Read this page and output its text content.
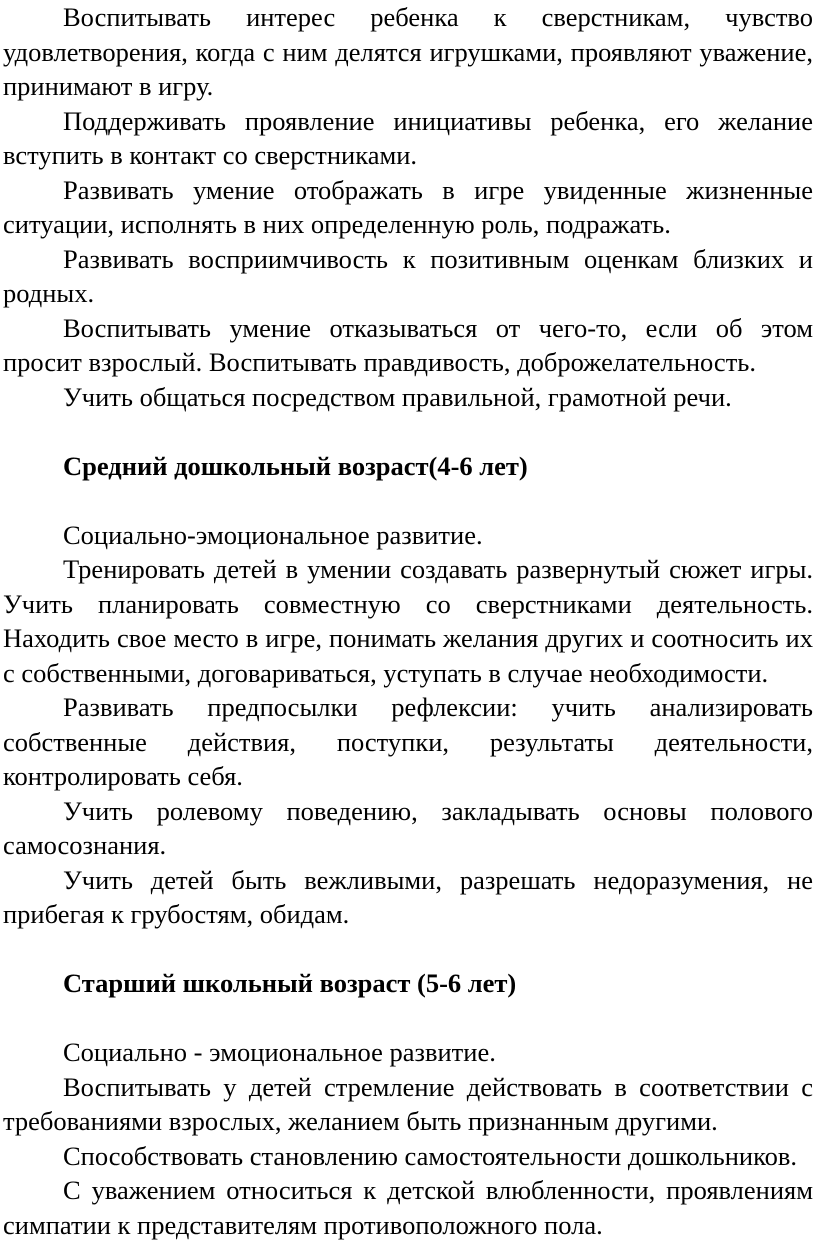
Воспитывать интерес ребенка к сверстникам, чувство удовлетворения, когда с ним делятся игрушками, проявляют уважение, принимают в игру.

Поддерживать проявление инициативы ребенка, его желание вступить в контакт со сверстниками.

Развивать умение отображать в игре увиденные жизненные ситуации, исполнять в них определенную роль, подражать.

Развивать восприимчивость к позитивным оценкам близких и родных.

Воспитывать умение отказываться от чего-то, если об этом просит взрослый. Воспитывать правдивость, доброжелательность.

Учить общаться посредством правильной, грамотной речи.

Средний дошкольный возраст(4-6 лет)

Социально-эмоциональное развитие.

Тренировать детей в умении создавать развернутый сюжет игры. Учить планировать совместную со сверстниками деятельность. Находить свое место в игре, понимать желания других и соотносить их с собственными, договариваться, уступать в случае необходимости.

Развивать предпосылки рефлексии: учить анализировать собственные действия, поступки, результаты деятельности, контролировать себя.

Учить ролевому поведению, закладывать основы полового самосознания.

Учить детей быть вежливыми, разрешать недоразумения, не прибегая к грубостям, обидам.

Старший школьный возраст (5-6 лет)

Социально - эмоциональное развитие.

Воспитывать у детей стремление действовать в соответствии с требованиями взрослых, желанием быть признанным другими.

Способствовать становлению самостоятельности дошкольников.

С уважением относиться к детской влюбленности, проявлениям симпатии к представителям противоположного пола.
